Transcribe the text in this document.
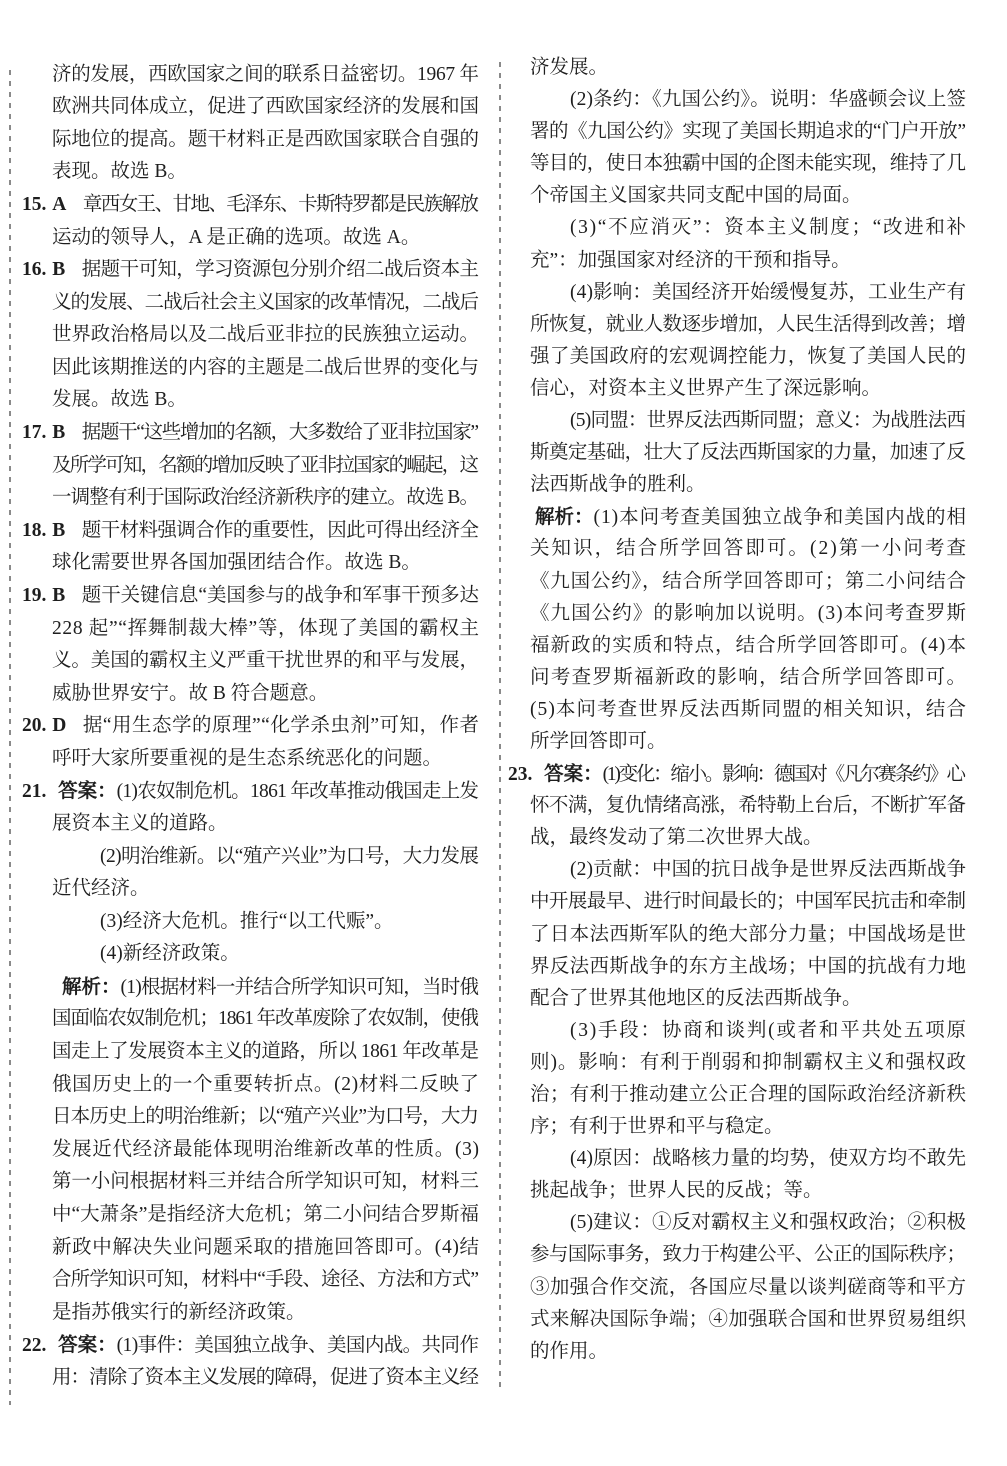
济的发展，西欧国家之间的联系日益密切。1967 年
欧洲共同体成立，促进了西欧国家经济的发展和国
际地位的提高。题干材料正是西欧国家联合自强的
表现。故选 B。
15. A 章西女王、甘地、毛泽东、卡斯特罗都是民族解放
运动的领导人，A 是正确的选项。故选 A。
16. B 据题干可知，学习资源包分别介绍二战后资本主
义的发展、二战后社会主义国家的改革情况，二战后
世界政治格局以及二战后亚非拉的民族独立运动。
因此该期推送的内容的主题是二战后世界的变化与
发展。故选 B。
17. B 据题干“这些增加的名额，大多数给了亚非拉国家”
及所学可知，名额的增加反映了亚非拉国家的崛起，这
一调整有利于国际政治经济新秩序的建立。故选 B。
18. B 题干材料强调合作的重要性，因此可得出经济全
球化需要世界各国加强团结合作。故选 B。
19. B 题干关键信息“美国参与的战争和军事干预多达
228 起”“挥舞制裁大棒”等，体现了美国的霸权主
义。美国的霸权主义严重干扰世界的和平与发展，
威胁世界安宁。故 B 符合题意。
20. D 据“用生态学的原理”“化学杀虫剂”可知，作者
呼吁大家所要重视的是生态系统恶化的问题。
21. 答案： (1)农奴制危机。1861 年改革推动俄国走上发
展资本主义的道路。
(2)明治维新。以“殖产兴业”为口号，大力发展
近代经济。
(3)经济大危机。推行“以工代赈”。
(4)新经济政策。
解析： (1)根据材料一并结合所学知识可知，当时俄
国面临农奴制危机；1861 年改革废除了农奴制，使俄
国走上了发展资本主义的道路，所以 1861 年改革是
俄国历史上的一个重要转折点。(2)材料二反映了
日本历史上的明治维新；以“殖产兴业”为口号，大力
发展近代经济最能体现明治维新改革的性质。(3)
第一小问根据材料三并结合所学知识可知，材料三
中“大萧条”是指经济大危机；第二小问结合罗斯福
新政中解决失业问题采取的措施回答即可。(4)结
合所学知识可知，材料中“手段、途径、方法和方式”
是指苏俄实行的新经济政策。
22. 答案： (1)事件：美国独立战争、美国内战。共同作
用：清除了资本主义发展的障碍，促进了资本主义经
济发展。
(2)条约：《九国公约》。说明：华盛顿会议上签
署的《九国公约》实现了美国长期追求的“门户开放”
等目的，使日本独霸中国的企图未能实现，维持了几
个帝国主义国家共同支配中国的局面。
(3)“不应消灭”：资本主义制度；“改进和补
充”：加强国家对经济的干预和指导。
(4)影响：美国经济开始缓慢复苏，工业生产有
所恢复，就业人数逐步增加，人民生活得到改善；增
强了美国政府的宏观调控能力，恢复了美国人民的
信心，对资本主义世界产生了深远影响。
(5)同盟：世界反法西斯同盟；意义：为战胜法西
斯奠定基础，壮大了反法西斯国家的力量，加速了反
法西斯战争的胜利。
解析： (1)本问考查美国独立战争和美国内战的相
关知识，结合所学回答即可。(2)第一小问考查
《九国公约》，结合所学回答即可；第二小问结合
《九国公约》的影响加以说明。(3)本问考查罗斯
福新政的实质和特点，结合所学回答即可。(4)本
问考查罗斯福新政的影响，结合所学回答即可。
(5)本问考查世界反法西斯同盟的相关知识，结合
所学回答即可。
23. 答案： (1)变化：缩小。影响：德国对《凡尔赛条约》心
怀不满，复仇情绪高涨，希特勒上台后，不断扩军备
战，最终发动了第二次世界大战。
(2)贡献：中国的抗日战争是世界反法西斯战争
中开展最早、进行时间最长的；中国军民抗击和牵制
了日本法西斯军队的绝大部分力量；中国战场是世
界反法西斯战争的东方主战场；中国的抗战有力地
配合了世界其他地区的反法西斯战争。
(3)手段：协商和谈判(或者和平共处五项原
则)。影响：有利于削弱和抑制霸权主义和强权政
治；有利于推动建立公正合理的国际政治经济新秩
序；有利于世界和平与稳定。
(4)原因：战略核力量的均势，使双方均不敢先
挑起战争；世界人民的反战；等。
(5)建议：①反对霸权主义和强权政治；②积极
参与国际事务，致力于构建公平、公正的国际秩序；
③加强合作交流，各国应尽量以谈判磋商等和平方
式来解决国际争端；④加强联合国和世界贸易组织
的作用。
